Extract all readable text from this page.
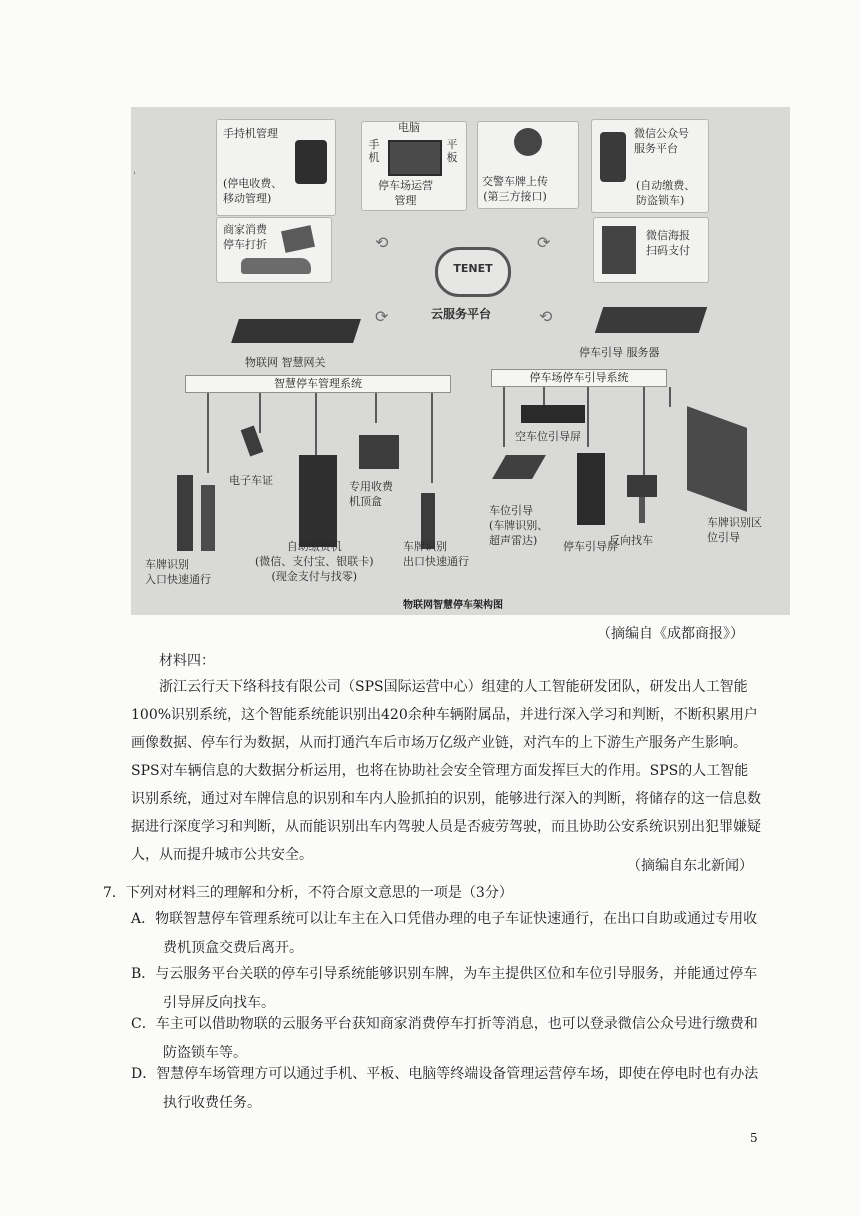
'
手持机管理
(停电收费、
移动管理)
电脑
手
机
平
板
停车场运营
管理
交警车牌上传
(第三方接口)
微信公众号
服务平台
(自动缴费、
防盗锁车)
商家消费
停车打折
微信海报
扫码支付
⟲	⟳
⟳	⟲
TENET
云服务平台
物联网 智慧网关
停车引导 服务器
智慧停车管理系统	停车场停车引导系统
车牌识别
入口快速通行
电子车证
自动缴费机
(微信、支付宝、银联卡)
(现金支付与找零)
专用收费
机顶盒
车牌识别
出口快速通行
空车位引导屏
车位引导
(车牌识别、
超声雷达)	停车引导屏
反向找车
车牌识别区
位引导
物联网智慧停车架构图
（摘编自《成都商报》）
材料四：
浙江云行天下络科技有限公司（SPS国际运营中心）组建的人工智能研发团队，研发出人工智能100%识别系统，这个智能系统能识别出420余种车辆附属品，并进行深入学习和判断，不断积累用户画像数据、停车行为数据，从而打通汽车后市场万亿级产业链，对汽车的上下游生产服务产生影响。SPS对车辆信息的大数据分析运用，也将在协助社会安全管理方面发挥巨大的作用。SPS的人工智能识别系统，通过对车牌信息的识别和车内人脸抓拍的识别，能够进行深入的判断，将储存的这一信息数据进行深度学习和判断，从而能识别出车内驾驶人员是否疲劳驾驶，而且协助公安系统识别出犯罪嫌疑人，从而提升城市公共安全。
（摘编自东北新闻）
7．下列对材料三的理解和分析，不符合原文意思的一项是（3分）
A．物联智慧停车管理系统可以让车主在入口凭借办理的电子车证快速通行，在出口自助或通过专用收费机顶盒交费后离开。
B．与云服务平台关联的停车引导系统能够识别车牌，为车主提供区位和车位引导服务，并能通过停车引导屏反向找车。
C．车主可以借助物联的云服务平台获知商家消费停车打折等消息，也可以登录微信公众号进行缴费和防盗锁车等。
D．智慧停车场管理方可以通过手机、平板、电脑等终端设备管理运营停车场，即使在停电时也有办法执行收费任务。
5
